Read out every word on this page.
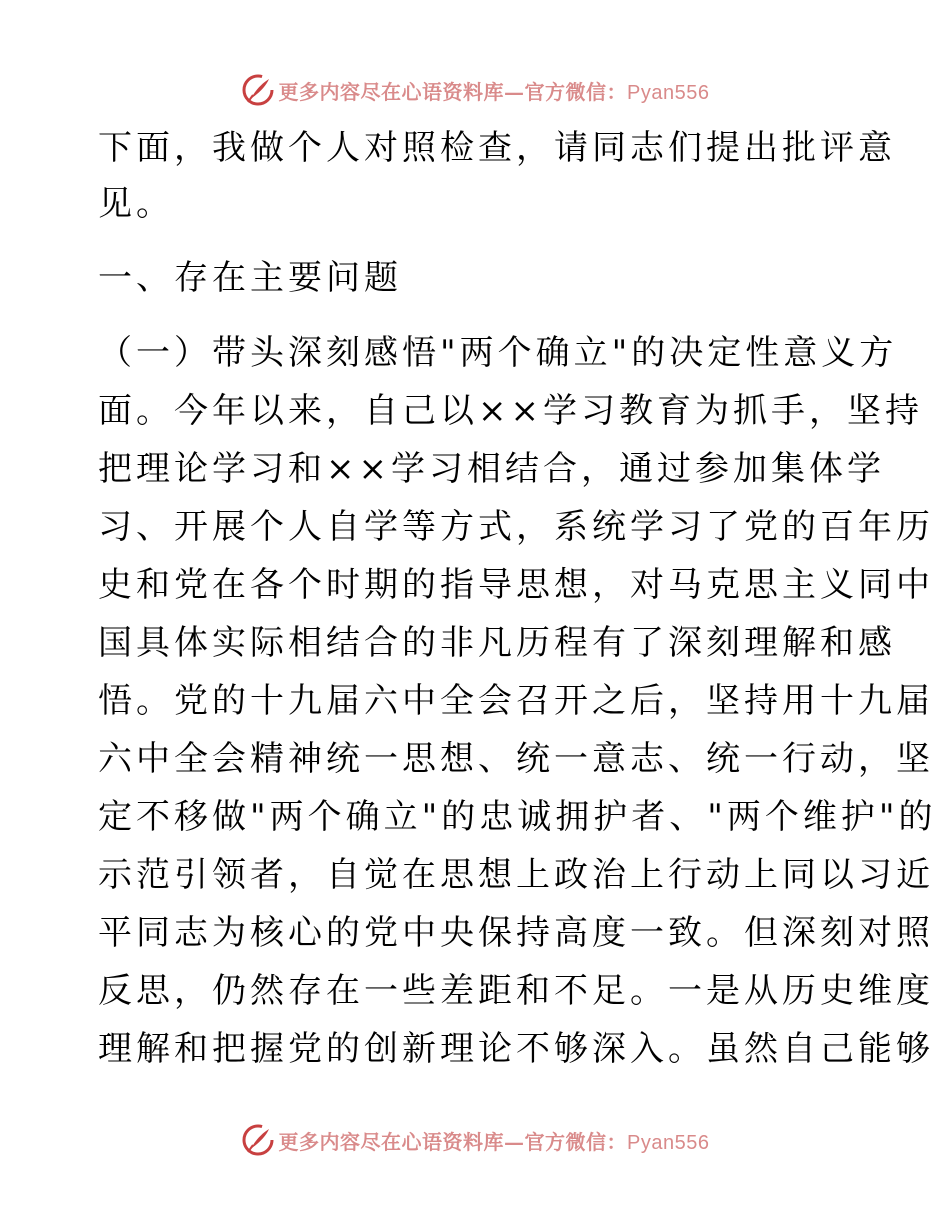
更多内容尽在心语资料库—官方微信：Pyan556
下面，我做个人对照检查，请同志们提出批评意
见。
一、存在主要问题
（一）带头深刻感悟"两个确立"的决定性意义方
面。今年以来，自己以××学习教育为抓手，坚持
把理论学习和××学习相结合，通过参加集体学
习、开展个人自学等方式，系统学习了党的百年历
史和党在各个时期的指导思想，对马克思主义同中
国具体实际相结合的非凡历程有了深刻理解和感
悟。党的十九届六中全会召开之后，坚持用十九届
六中全会精神统一思想、统一意志、统一行动，坚
定不移做"两个确立"的忠诚拥护者、"两个维护"的
示范引领者，自觉在思想上政治上行动上同以习近
平同志为核心的党中央保持高度一致。但深刻对照
反思，仍然存在一些差距和不足。一是从历史维度
理解和把握党的创新理论不够深入。虽然自己能够
更多内容尽在心语资料库—官方微信：Pyan556
